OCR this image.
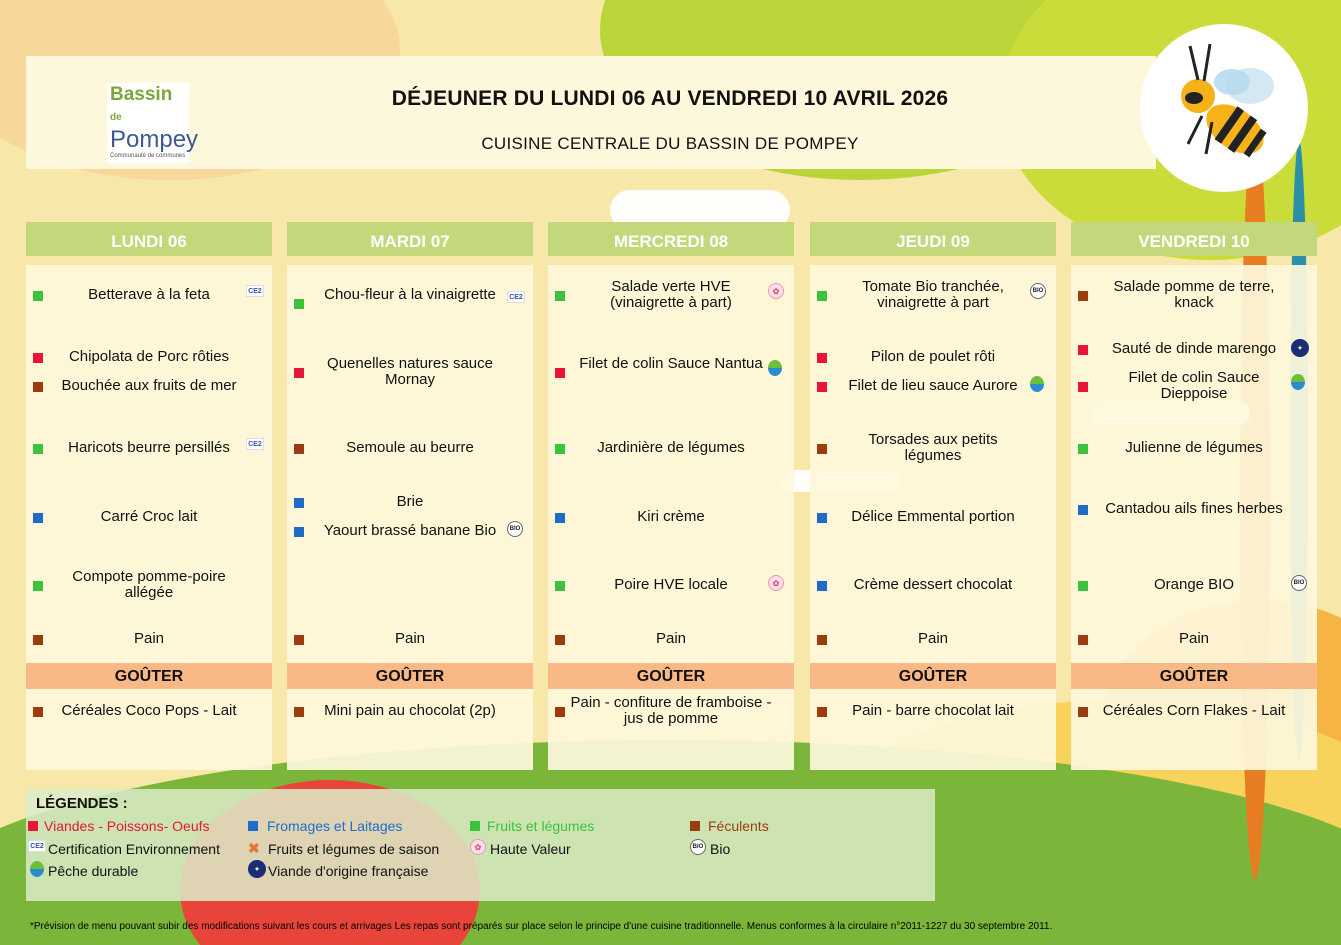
Bassin de
Pompey
Communauté de communes
DÉJEUNER DU LUNDI 06 AU VENDREDI 10 AVRIL 2026
CUISINE CENTRALE DU BASSIN DE POMPEY
LUNDI 06
Betterave à la feta	CE2
Chipolata de Porc rôties
Bouchée aux fruits de mer
Haricots beurre persillés	CE2
Carré Croc lait
Compote pomme-poire allégée
Pain
GOÛTER
Céréales Coco Pops - Lait
MARDI 07
Chou-fleur à la vinaigrette	CE2
Quenelles natures sauce Mornay
Semoule au beurre
Brie
Yaourt brassé banane Bio	BIO
Pain
GOÛTER
Mini pain au chocolat (2p)
MERCREDI 08
Salade verte HVE (vinaigrette à part)
✿
Filet de colin Sauce Nantua
Jardinière de légumes
Kiri crème
Poire HVE locale	✿
Pain
GOÛTER
Pain - confiture de framboise - jus de pomme
JEUDI 09
Tomate Bio tranchée, vinaigrette à part
BIO
Pilon de poulet rôti
Filet de lieu sauce Aurore
Torsades aux petits légumes
Délice Emmental portion
Crème dessert chocolat
Pain
GOÛTER
Pain - barre chocolat lait
VENDREDI 10
Salade pomme de terre, knack
Sauté de dinde marengo	✦
Filet de colin Sauce Dieppoise
Julienne de légumes
Cantadou ails fines herbes
Orange BIO	BIO
Pain
GOÛTER
Céréales Corn Flakes - Lait
LÉGENDES :
Viandes - Poissons- Oeufs	Fromages et Laitages	Fruits et légumes	Féculents
CE2 Certification Environnement ✖ Fruits et légumes de saison	✿ Haute Valeur	BIO Bio
Pêche durable	✦ Viande d'origine française
*Prévision de menu pouvant subir des modifications suivant les cours et arrivages Les repas sont préparés sur place selon le principe d'une cuisine traditionnelle. Menus conformes à la circulaire n°2011-1227 du 30 septembre 2011.
